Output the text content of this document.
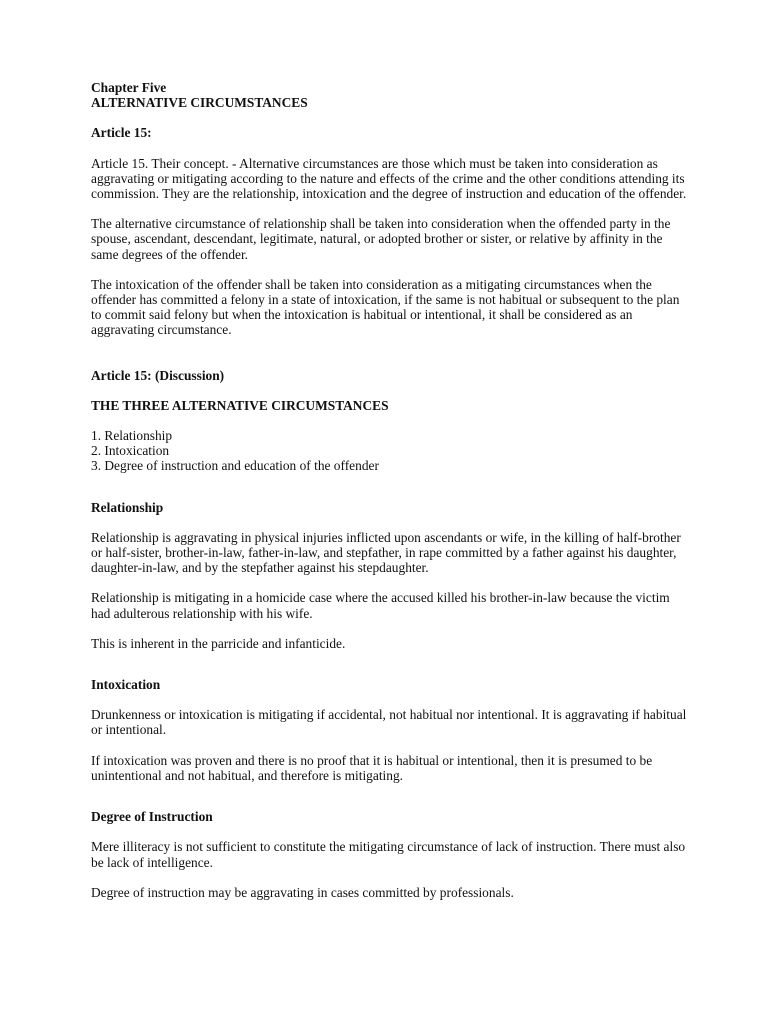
Chapter Five

ALTERNATIVE CIRCUMSTANCES

Article 15:

Article 15. Their concept. - Alternative circumstances are those which must be taken into consideration as aggravating or mitigating according to the nature and effects of the crime and the other conditions attending its commission. They are the relationship, intoxication and the degree of instruction and education of the offender.

The alternative circumstance of relationship shall be taken into consideration when the offended party in the spouse, ascendant, descendant, legitimate, natural, or adopted brother or sister, or relative by affinity in the same degrees of the offender.

The intoxication of the offender shall be taken into consideration as a mitigating circumstances when the offender has committed a felony in a state of intoxication, if the same is not habitual or subsequent to the plan to commit said felony but when the intoxication is habitual or intentional, it shall be considered as an aggravating circumstance.

Article 15: (Discussion)

THE THREE ALTERNATIVE CIRCUMSTANCES

1. Relationship
2. Intoxication
3. Degree of instruction and education of the offender

Relationship

Relationship is aggravating in physical injuries inflicted upon ascendants or wife, in the killing of half-brother or half-sister, brother-in-law, father-in-law, and stepfather, in rape committed by a father against his daughter, daughter-in-law, and by the stepfather against his stepdaughter.

Relationship is mitigating in a homicide case where the accused killed his brother-in-law because the victim had adulterous relationship with his wife.

This is inherent in the parricide and infanticide.

Intoxication

Drunkenness or intoxication is mitigating if accidental, not habitual nor intentional. It is aggravating if habitual or intentional.

If intoxication was proven and there is no proof that it is habitual or intentional, then it is presumed to be unintentional and not habitual, and therefore is mitigating.

Degree of Instruction

Mere illiteracy is not sufficient to constitute the mitigating circumstance of lack of instruction. There must also be lack of intelligence.

Degree of instruction may be aggravating in cases committed by professionals.
